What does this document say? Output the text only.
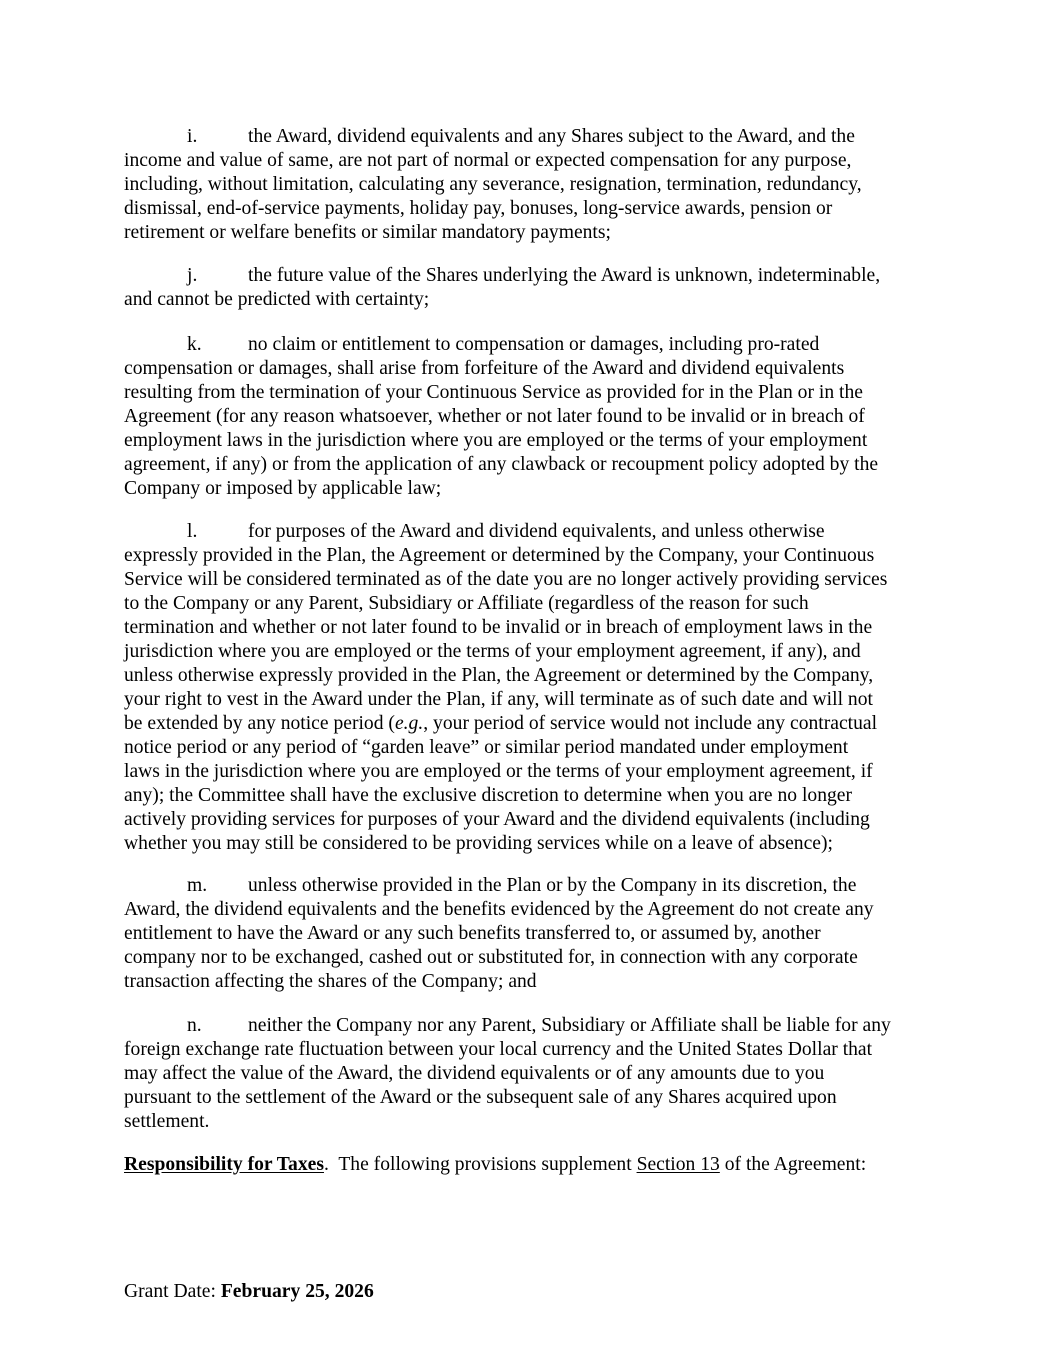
i.	the Award, dividend equivalents and any Shares subject to the Award, and the
income and value of same, are not part of normal or expected compensation for any purpose,
including, without limitation, calculating any severance, resignation, termination, redundancy,
dismissal, end-of-service payments, holiday pay, bonuses, long-service awards, pension or
retirement or welfare benefits or similar mandatory payments;
j.	the future value of the Shares underlying the Award is unknown, indeterminable,
and cannot be predicted with certainty;
k. no claim or entitlement to compensation or damages, including pro-rated
compensation or damages, shall arise from forfeiture of the Award and dividend equivalents
resulting from the termination of your Continuous Service as provided for in the Plan or in the
Agreement (for any reason whatsoever, whether or not later found to be invalid or in breach of
employment laws in the jurisdiction where you are employed or the terms of your employment
agreement, if any) or from the application of any clawback or recoupment policy adopted by the
Company or imposed by applicable law;
l.	for purposes of the Award and dividend equivalents, and unless otherwise
expressly provided in the Plan, the Agreement or determined by the Company, your Continuous
Service will be considered terminated as of the date you are no longer actively providing services
to the Company or any Parent, Subsidiary or Affiliate (regardless of the reason for such
termination and whether or not later found to be invalid or in breach of employment laws in the
jurisdiction where you are employed or the terms of your employment agreement, if any), and
unless otherwise expressly provided in the Plan, the Agreement or determined by the Company,
your right to vest in the Award under the Plan, if any, will terminate as of such date and will not
be extended by any notice period (e.g., your period of service would not include any contractual
notice period or any period of “garden leave” or similar period mandated under employment
laws in the jurisdiction where you are employed or the terms of your employment agreement, if
any); the Committee shall have the exclusive discretion to determine when you are no longer
actively providing services for purposes of your Award and the dividend equivalents (including
whether you may still be considered to be providing services while on a leave of absence);
m. unless otherwise provided in the Plan or by the Company in its discretion, the
Award, the dividend equivalents and the benefits evidenced by the Agreement do not create any
entitlement to have the Award or any such benefits transferred to, or assumed by, another
company nor to be exchanged, cashed out or substituted for, in connection with any corporate
transaction affecting the shares of the Company; and
n. neither the Company nor any Parent, Subsidiary or Affiliate shall be liable for any
foreign exchange rate fluctuation between your local currency and the United States Dollar that
may affect the value of the Award, the dividend equivalents or of any amounts due to you
pursuant to the settlement of the Award or the subsequent sale of any Shares acquired upon
settlement.
Responsibility for Taxes.  The following provisions supplement Section 13 of the Agreement:
Grant Date: February 25, 2026
